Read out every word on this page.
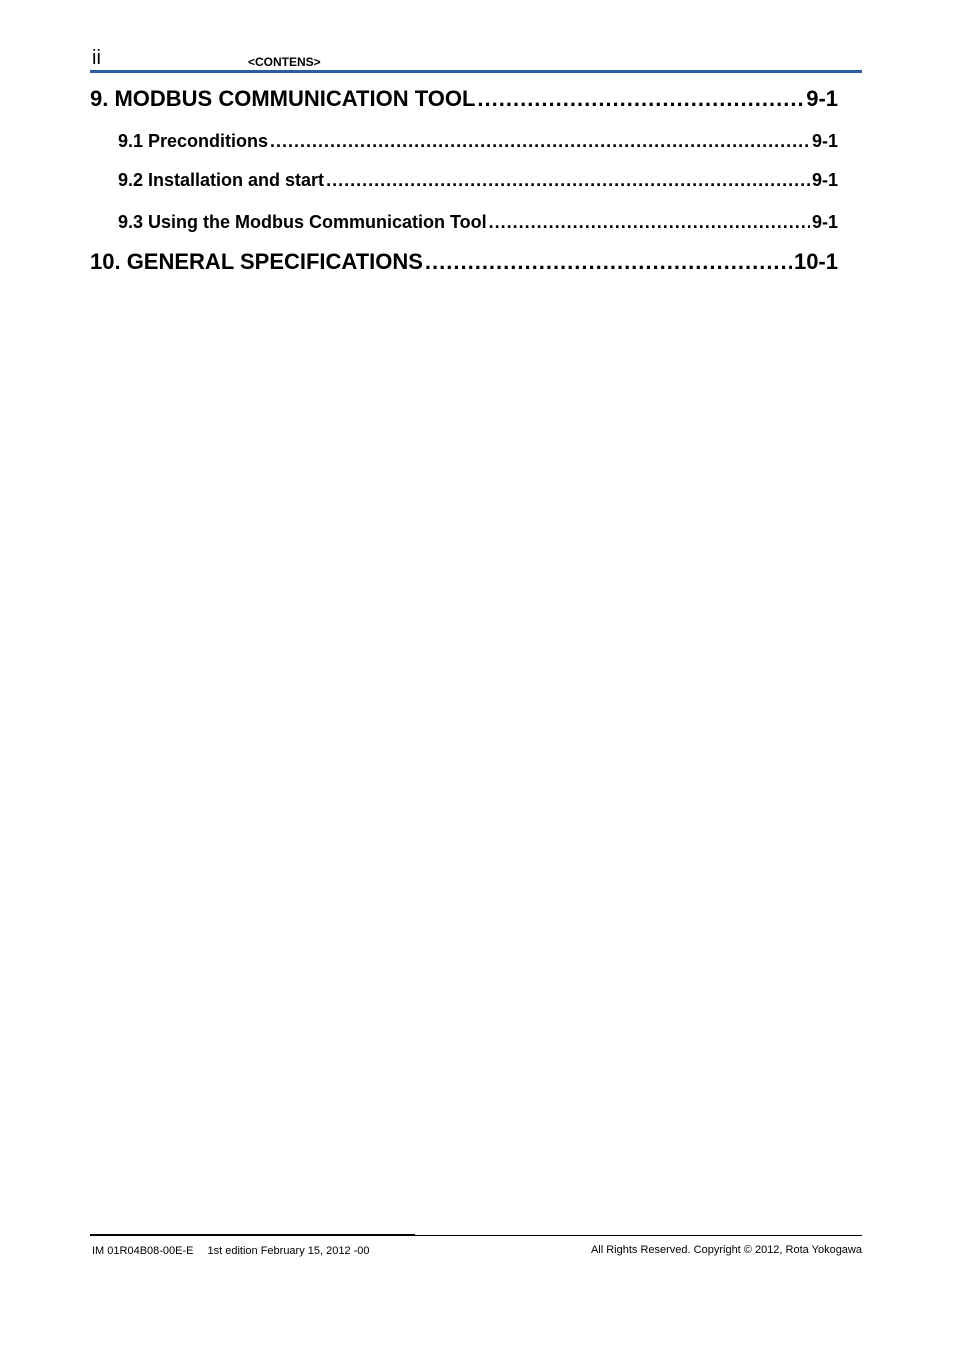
ii	<CONTENS>
9. MODBUS COMMUNICATION TOOL .....	9-1
9.1 Preconditions .....	9-1
9.2 Installation and start .....	9-1
9.3 Using the Modbus Communication Tool .....	9-1
10. GENERAL SPECIFICATIONS .....	10-1
IM 01R04B08-00E-E 1st edition February 15, 2012 -00	All Rights Reserved. Copyright © 2012, Rota Yokogawa
